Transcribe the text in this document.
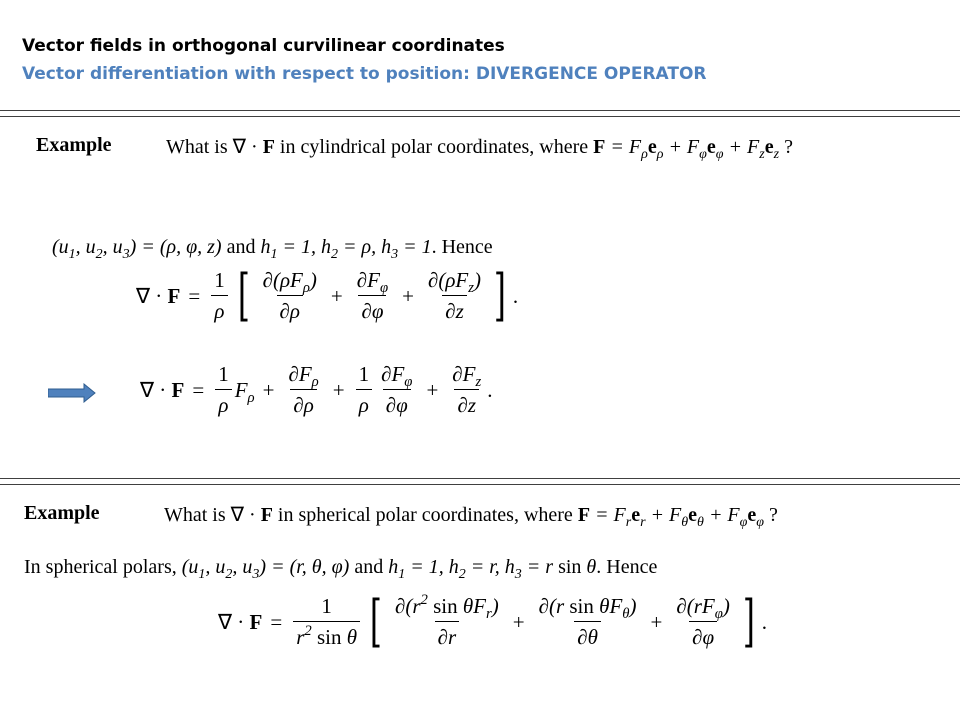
Vector fields in orthogonal curvilinear coordinates
Vector differentiation with respect to position: DIVERGENCE OPERATOR
Example	What is ∇ · F in cylindrical polar coordinates, where $F = F_\rho e_\rho + F_\varphi e_\varphi + F_ze_z$ ?
($u_1$, $u_2$, $u_3) = (\rho$, φ, z) and $h_1 = 1$, $h_2 = \rho$, $h_3 = 1$. Hence
∇ · $F = \frac{1}{\rho}$ [ $\frac{\partial(\rho F_\rho)}{\partial\rho} + \frac{\partial F_\varphi}{\partial\varphi} + \frac{\partial(\rho F_z)}{\partial z}$ ] .
∇ · $F = \frac{1}{\rho} F_\rho + \frac{\partial F_\rho}{\partial\rho} + \frac{1}{\rho} \frac{\partial F_\varphi}{\partial\varphi} + \frac{\partial F_z}{\partial z}$ .
Example	What is ∇ · F in spherical polar coordinates, where $F = F_re_r + F_\theta e_\theta + F_\varphi e_\varphi$ ?
In spherical polars, ($u_1$, $u_2$, $u_3) = (r$, θ, φ) and $h_1 = 1$, $h_2 = r$, $h_3 = r$ sin θ. Hence
∇ · $F = \frac{1}{r^2 \sin \theta}$ [ $\frac{\partial(r^2 \sin \theta F_r)}{\partial r} + \frac{\partial(r \sin \theta F_\theta)}{\partial\theta} + \frac{\partial(rF_\varphi)}{\partial\varphi}$ ] .
